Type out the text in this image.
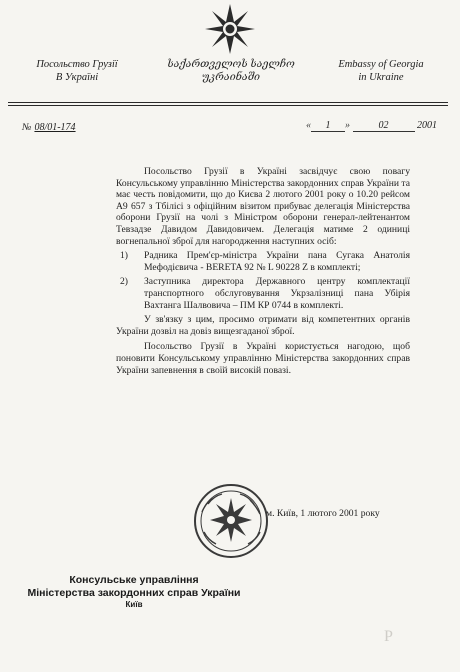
Посольство Грузії
В Україні
საქართველოს საელჩო
უკრაინაში
Embassy of Georgia
in Ukraine
№ 08/01-174	« 1 »	02	2001

Посольство Грузії в Україні засвідчує свою повагу Консульському управлінню Міністерства закордонних справ України та має честь повідомити, що до Києва 2 лютого 2001 року о 10.20 рейсом А9 657 з Тбілісі з офіційним візитом прибуває делегація Міністерства оборони Грузії на чолі з Міністром оборони генерал-лейтенантом Тевзадзе Давидом Давидовичем. Делегація матиме 2 одиниці вогнепальної зброї для нагородження наступних осіб:

1)	Радника Прем'єр-міністра України пана Сугака Анатолія Мефодієвича - BERETA 92 № L 90228 Z в комплекті;
2)	Заступника директора Державного центру комплектації транспортного обслуговування Укрзалізниці пана Убірія Вахтанга Шалвовича – ПМ КР 0744 в комплекті.

У зв'язку з цим, просимо отримати від компетентних органів України дозвіл на довіз вищезгаданої зброї.

Посольство Грузії в Україні користується нагодою, щоб поновити Консульському управлінню Міністерства закордонних справ України запевнення в своїй високій повазі.

м. Київ, 1 лютого 2001 року
Консульське управління
Міністерства закордонних справ України
Київ
Р
